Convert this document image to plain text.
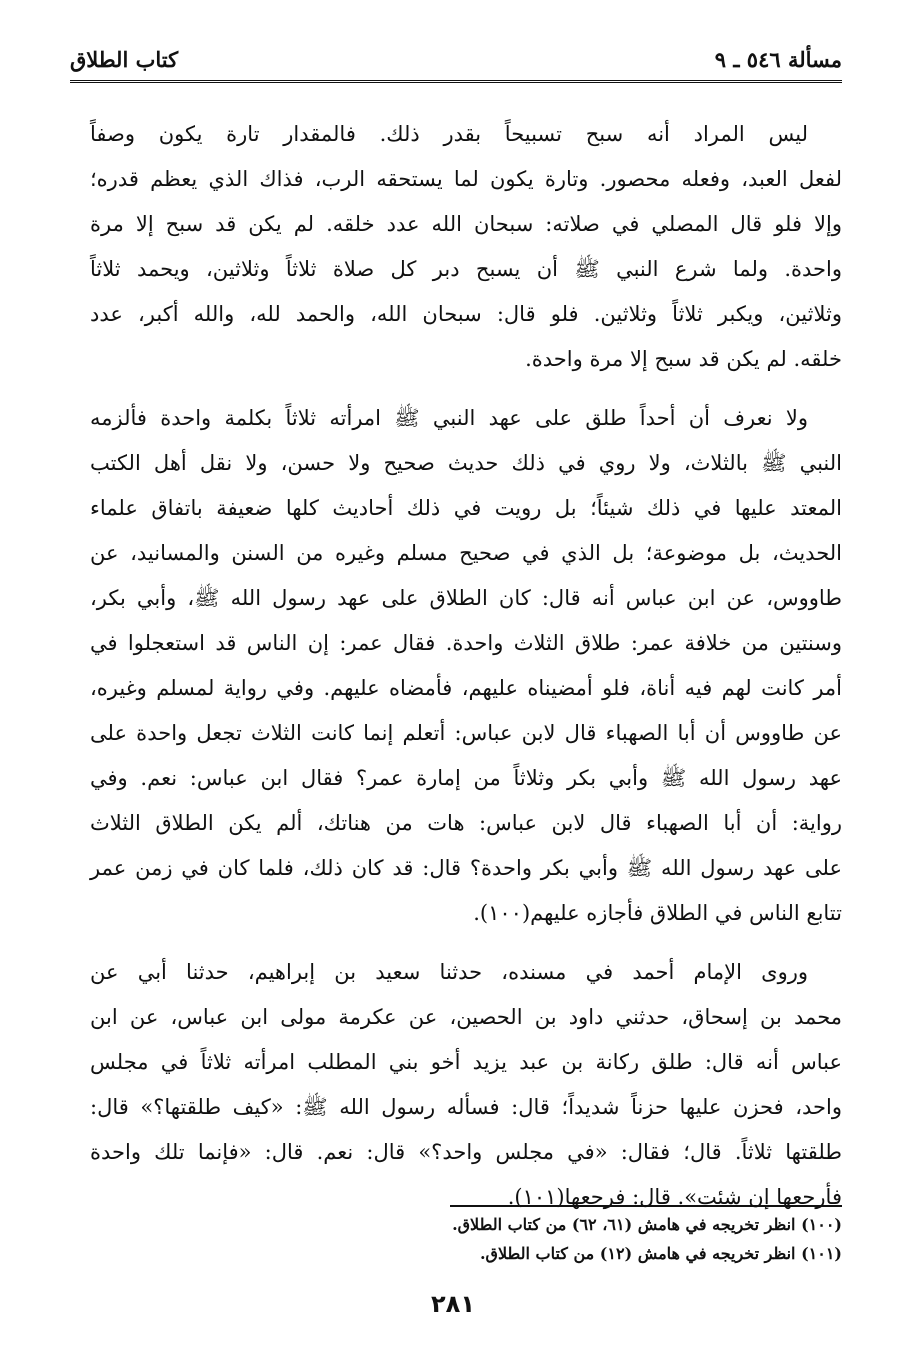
مسألة ٥٤٦ ـ ٩
كتاب الطلاق

ليس المراد أنه سبح تسبيحاً بقدر ذلك. فالمقدار تارة يكون وصفاً
لفعل العبد، وفعله محصور. وتارة يكون لما يستحقه الرب، فذاك الذي يعظم قدره؛
وإلا فلو قال المصلي في صلاته: سبحان الله عدد خلقه. لم يكن قد سبح إلا مرة
واحدة. ولما شرع النبي ﷺ أن يسبح دبر كل صلاة ثلاثاً وثلاثين، ويحمد ثلاثاً
وثلاثين، ويكبر ثلاثاً وثلاثين. فلو قال: سبحان الله، والحمد لله، والله أكبر، عدد
خلقه. لم يكن قد سبح إلا مرة واحدة.

ولا نعرف أن أحداً طلق على عهد النبي ﷺ امرأته ثلاثاً بكلمة واحدة فألزمه
النبي ﷺ بالثلاث، ولا روي في ذلك حديث صحيح ولا حسن، ولا نقل أهل الكتب
المعتد عليها في ذلك شيئاً؛ بل رويت في ذلك أحاديث كلها ضعيفة باتفاق علماء
الحديث، بل موضوعة؛ بل الذي في صحيح مسلم وغيره من السنن والمسانيد، عن
طاووس، عن ابن عباس أنه قال: كان الطلاق على عهد رسول الله ﷺ، وأبي بكر،
وسنتين من خلافة عمر: طلاق الثلاث واحدة. فقال عمر: إن الناس قد استعجلوا في
أمر كانت لهم فيه أناة، فلو أمضيناه عليهم، فأمضاه عليهم. وفي رواية لمسلم وغيره،
عن طاووس أن أبا الصهباء قال لابن عباس: أتعلم إنما كانت الثلاث تجعل واحدة على
عهد رسول الله ﷺ وأبي بكر وثلاثاً من إمارة عمر؟ فقال ابن عباس: نعم. وفي
رواية: أن أبا الصهباء قال لابن عباس: هات من هناتك، ألم يكن الطلاق الثلاث
على عهد رسول الله ﷺ وأبي بكر واحدة؟ قال: قد كان ذلك، فلما كان في زمن عمر
تتابع الناس في الطلاق فأجازه عليهم(١٠٠).

وروى الإمام أحمد في مسنده، حدثنا سعيد بن إبراهيم، حدثنا أبي عن
محمد بن إسحاق، حدثني داود بن الحصين، عن عكرمة مولى ابن عباس، عن ابن
عباس أنه قال: طلق ركانة بن عبد يزيد أخو بني المطلب امرأته ثلاثاً في مجلس
واحد، فحزن عليها حزناً شديداً؛ قال: فسأله رسول الله ﷺ: «كيف طلقتها؟» قال:
طلقتها ثلاثاً. قال؛ فقال: «في مجلس واحد؟» قال: نعم. قال: «فإنما تلك واحدة
فأرجعها إن شئت». قال: فرجعها(١٠١).

(١٠٠) انظر تخريجه في هامش (٦١، ٦٢) من كتاب الطلاق.
(١٠١) انظر تخريجه في هامش (١٢) من كتاب الطلاق.
٢٨١
